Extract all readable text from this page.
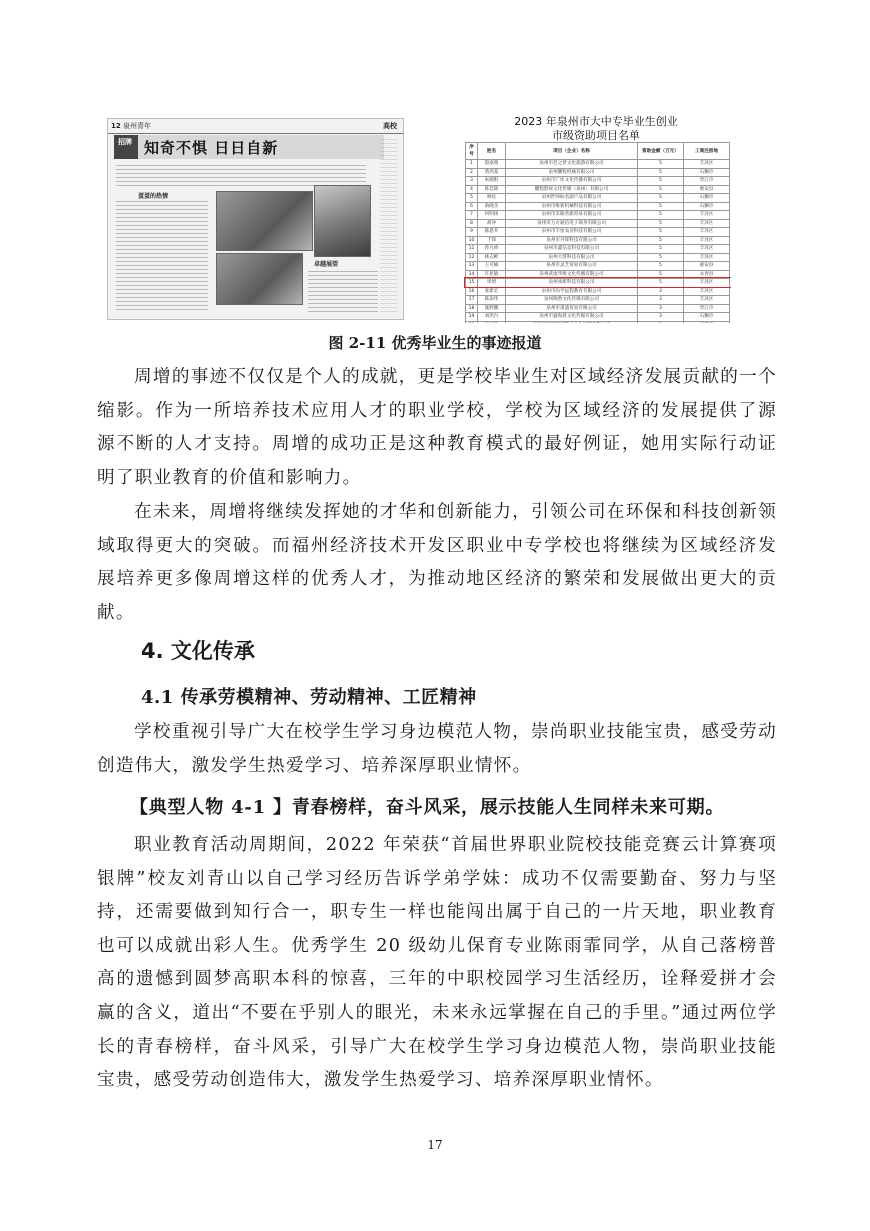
12 泉州青年	高校
招牌 知奇不惧 日日自新
蛋蛋的热情
卓越展望
2023 年泉州市大中专毕业生创业
市级资助项目名单
序号	姓名	项目（企业）名称	资助金额（万元）	工商注册地
1	殷嘉燕	泉州市芭之梦文化旅游有限公司	5	丰泽区
2	黄鸿基	泉州鹏程机械有限公司	5	石狮市
3	朱晓阳	泉州市广库文化传播有限公司	5	晋江市
4	陈佳锦	鹏程影视文化传媒（泉州）有限公司	5	惠安县
5	林炫	泉州匠师标名副产品有限公司	5	石狮市
6	俞晓杰	泉州市维新机械科技有限公司	5	石狮市
7	何明扬	泉州市禾路善新贸易有限公司	5	丰泽区
8	胡冲	泉州市万方通信电子商务有限公司	5	丰泽区
9	陈思乔	泉州市丰恒农业科技有限公司	5	丰泽区
10	于锋	泉州市丹锋科技有限公司	5	丰泽区
11	曾凡娇	泉州市鑫信息科技有限公司	5	丰泽区
12	林志彬	泉州大帮科技有限公司	5	丰泽区
13	王可楠	泉州市灵芝贸易有限公司	5	惠安县
14	许思敏	泉州武康华维文化传播有限公司	5	永春县
15	周增	泉州岗新科技有限公司	5	丰泽区
16	张新宏	泉州市尚学远程教育有限公司	3	丰泽区
17	陈添伟	泉州陶然文化传媒有限公司	3	丰泽区
18	施辉鹏	泉州市莆盛贸易有限公司	3	晋江市
19	刘鸿台	泉州市盛和晨文化传媒有限公司	3	石狮市

图 2-11 优秀毕业生的事迹报道

周增的事迹不仅仅是个人的成就，更是学校毕业生对区域经济发展贡献的一个缩影。作为一所培养技术应用人才的职业学校，学校为区域经济的发展提供了源源不断的人才支持。周增的成功正是这种教育模式的最好例证，她用实际行动证明了职业教育的价值和影响力。

在未来，周增将继续发挥她的才华和创新能力，引领公司在环保和科技创新领域取得更大的突破。而福州经济技术开发区职业中专学校也将继续为区域经济发展培养更多像周增这样的优秀人才，为推动地区经济的繁荣和发展做出更大的贡献。

4. 文化传承
4.1 传承劳模精神、劳动精神、工匠精神

学校重视引导广大在校学生学习身边模范人物，崇尚职业技能宝贵，感受劳动创造伟大，激发学生热爱学习、培养深厚职业情怀。

【典型人物 4-1 】青春榜样，奋斗风采，展示技能人生同样未来可期。

职业教育活动周期间，2022 年荣获“首届世界职业院校技能竞赛云计算赛项银牌”校友刘青山以自己学习经历告诉学弟学妹：成功不仅需要勤奋、努力与坚持，还需要做到知行合一，职专生一样也能闯出属于自己的一片天地，职业教育也可以成就出彩人生。优秀学生 20 级幼儿保育专业陈雨霏同学，从自己落榜普高的遗憾到圆梦高职本科的惊喜，三年的中职校园学习生活经历，诠释爱拼才会赢的含义，道出“不要在乎别人的眼光，未来永远掌握在自己的手里。”通过两位学长的青春榜样，奋斗风采，引导广大在校学生学习身边模范人物，崇尚职业技能宝贵，感受劳动创造伟大，激发学生热爱学习、培养深厚职业情怀。

17
